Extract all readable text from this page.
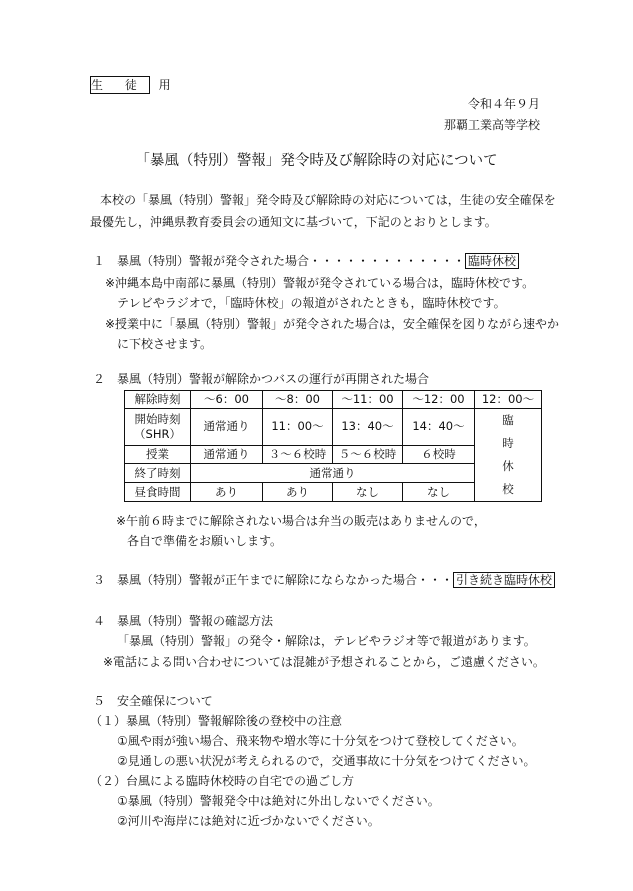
生 徒 用
令和４年９月
那覇工業高等学校
「暴風（特別）警報」発令時及び解除時の対応について
本校の「暴風（特別）警報」発令時及び解除時の対応については，生徒の安全確保を
最優先し，沖縄県教育委員会の通知文に基づいて，下記のとおりとします。
１　暴風（特別）警報が発令された場合・・・・・・・・・・・・・ 臨時休校
※沖縄本島中南部に暴風（特別）警報が発令されている場合は，臨時休校です。
テレビやラジオで，「臨時休校」の報道がされたときも，臨時休校です。
※授業中に「暴風（特別）警報」が発令された場合は，安全確保を図りながら速やか
に下校させます。
２　暴風（特別）警報が解除かつバスの運行が再開された場合
解除時刻	～6：00	～8：00	～11：00	～12：00	12：00～

開始時刻
（SHR）	通常通り	11：00～	13：40～	14：40～	臨時休校
授業	通常通り	３～６校時	５～６校時	６校時	
終了時刻	通常通り				
昼食時間	あり	あり	なし	なし	
※午前６時までに解除されない場合は弁当の販売はありませんので，
各自で準備をお願いします。
３　暴風（特別）警報が正午までに解除にならなかった場合・・・ 引き続き臨時休校
４　暴風（特別）警報の確認方法
「暴風（特別）警報」の発令・解除は，テレビやラジオ等で報道があります。
※電話による問い合わせについては混雑が予想されることから，ご遠慮ください。
５　安全確保について
（１）暴風（特別）警報解除後の登校中の注意
①風や雨が強い場合、飛来物や増水等に十分気をつけて登校してください。
②見通しの悪い状況が考えられるので，交通事故に十分気をつけてください。
（２）台風による臨時休校時の自宅での過ごし方
①暴風（特別）警報発令中は絶対に外出しないでください。
②河川や海岸には絶対に近づかないでください。
